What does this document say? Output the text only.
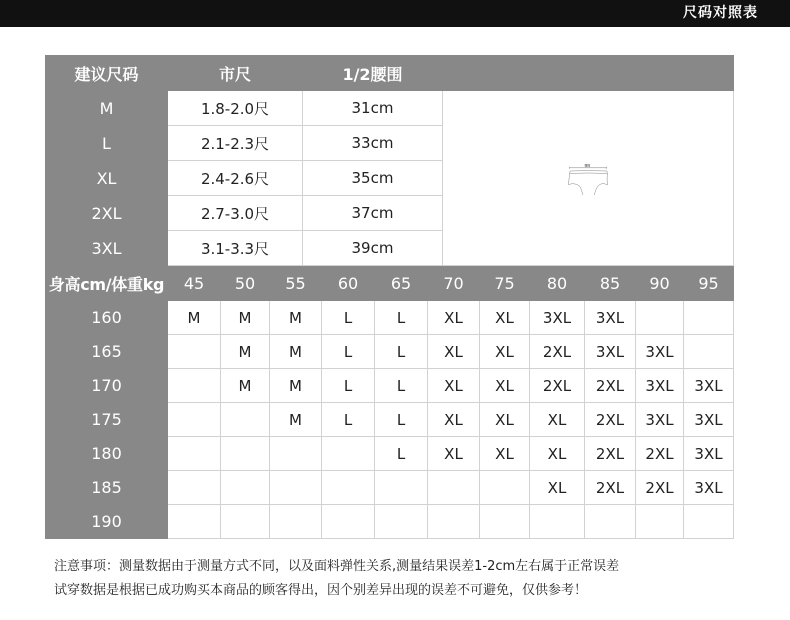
尺码对照表
建议尺码	市尺	1/2腰围	
M	1.8-2.0尺	31cm	腰围

L	2.1-2.3尺	33cm	
XL	2.4-2.6尺	35cm	
2XL	2.7-3.0尺	37cm	
3XL	3.1-3.3尺	39cm	
身高cm/体重kg	45	50	55	60	65	70	75	80	85	90	95
160	M	M	M	L	L	XL	XL	3XL	3XL		
165		M	M	L	L	XL	XL	2XL	3XL	3XL	
170		M	M	L	L	XL	XL	2XL	2XL	3XL	3XL
175			M	L	L	XL	XL	XL	2XL	3XL	3XL
180					L	XL	XL	XL	2XL	2XL	3XL
185								XL	2XL	2XL	3XL
190											
注意事项：测量数据由于测量方式不同，以及面料弹性关系,测量结果误差1-2cm左右属于正常误差
试穿数据是根据已成功购买本商品的顾客得出，因个别差异出现的误差不可避免，仅供参考！
